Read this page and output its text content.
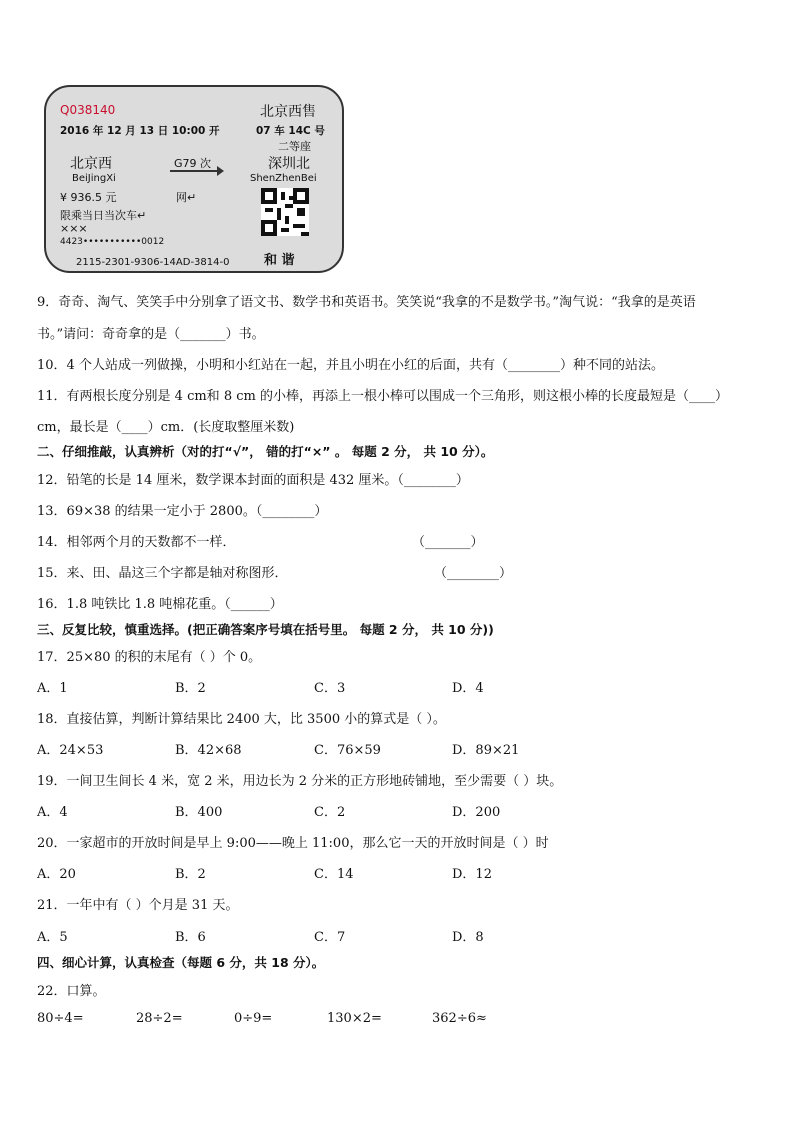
Q038140	北京西售
2016 年 12 月 13 日 10:00 开	07 车 14C 号
二等座
北京西	G79 次	深圳北
BeiJingXi	ShenZhenBei
¥ 936.5 元	网↵
限乘当日当次车↵
×××
4423•••••••••••0012
2115-2301-9306-14AD-3814-0	和 谐
9．奇奇、淘气、笑笑手中分别拿了语文书、数学书和英语书。笑笑说“我拿的不是数学书。”淘气说：“我拿的是英语
书。”请问：奇奇拿的是（_______）书。
10．4 个人站成一列做操，小明和小红站在一起，并且小明在小红的后面，共有（________）种不同的站法。
11．有两根长度分别是 4 cm和 8 cm 的小棒，再添上一根小棒可以围成一个三角形，则这根小棒的长度最短是（____）
cm，最长是（____）cm．(长度取整厘米数)
二、仔细推敲，认真辨析（对的打“√”， 错的打“×” 。 每题 2 分， 共 10 分）。
12．铅笔的长是 14 厘米，数学课本封面的面积是 432 厘米。（________）
13．69×38 的结果一定小于 2800。（________）
14．相邻两个月的天数都不一样．	（_______）
15．来、田、晶这三个字都是轴对称图形．	（________）
16．1.8 吨铁比 1.8 吨棉花重。（______）
三、反复比较，慎重选择。(把正确答案序号填在括号里。 每题 2 分， 共 10 分))
17．25×80 的积的末尾有（ ）个 0。
A．1	B．2	C．3	D．4
18．直接估算，判断计算结果比 2400 大，比 3500 小的算式是（ ）。
A．24×53	B．42×68	C．76×59	D．89×21
19．一间卫生间长 4 米，宽 2 米，用边长为 2 分米的正方形地砖铺地，至少需要（ ）块。
A．4	B．400	C．2	D．200
20．一家超市的开放时间是早上 9:00——晚上 11:00，那么它一天的开放时间是（ ）时
A．20	B．2	C．14	D．12
21．一年中有（ ）个月是 31 天。
A．5	B．6	C．7	D．8
四、细心计算，认真检查（每题 6 分，共 18 分）。
22．口算。
80÷4=	28÷2=	0÷9=	130×2=	362÷6≈
